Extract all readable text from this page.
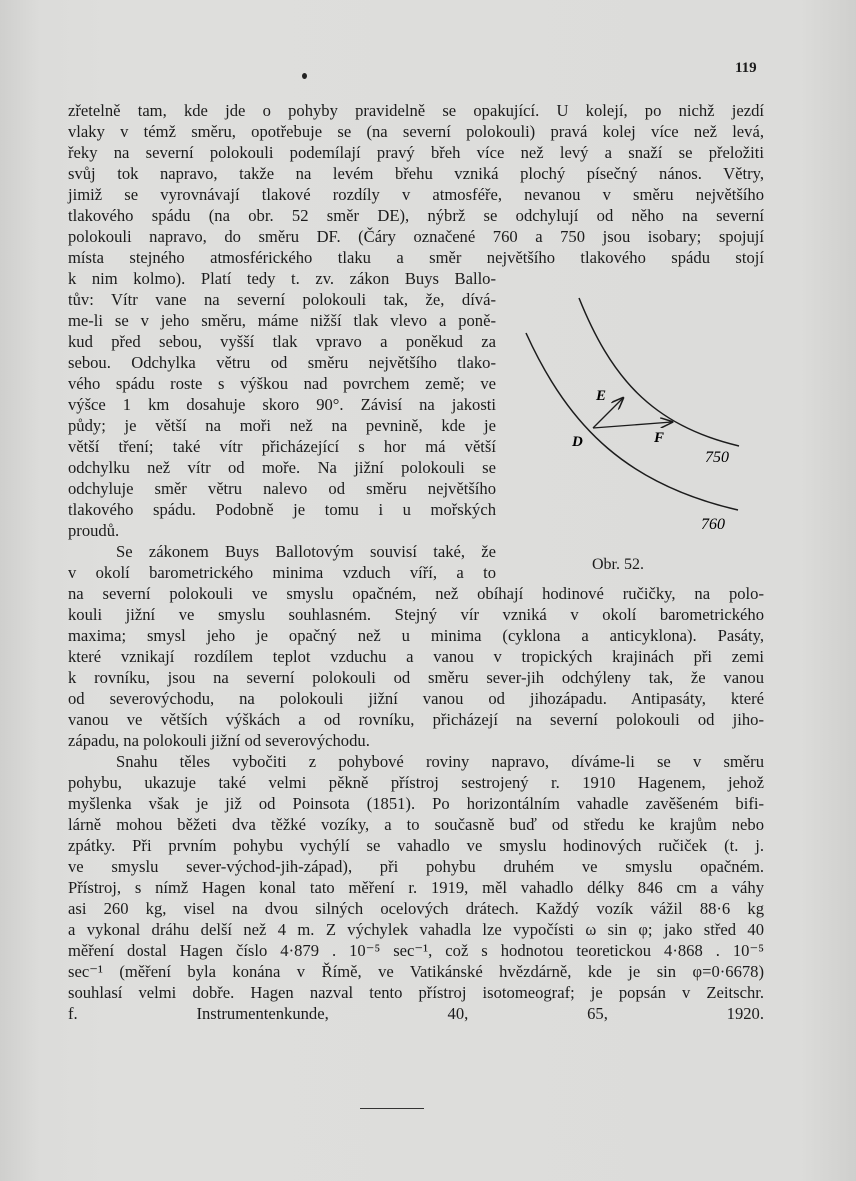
119
zřetelně tam, kde jde o pohyby pravidelně se opakující. U kolejí, po nichž jezdí
vlaky v témž směru, opotřebuje se (na severní polokouli) pravá kolej více než levá,
řeky na severní polokouli podemílají pravý břeh více než levý a snaží se přeložiti
svůj tok napravo, takže na levém břehu vzniká plochý písečný nános. Větry,
jimiž se vyrovnávají tlakové rozdíly v atmosféře, nevanou v směru největšího
tlakového spádu (na obr. 52 směr DE), nýbrž se odchylují od něho na severní
polokouli napravo, do směru DF. (Čáry označené 760 a 750 jsou isobary; spojují
místa stejného atmosférického tlaku a směr největšího tlakového spádu stojí
k nim kolmo). Platí tedy t. zv. zákon Buys Ballo-
tův: Vítr vane na severní polokouli tak, že, dívá-
me-li se v jeho směru, máme nižší tlak vlevo a poně-
kud před sebou, vyšší tlak vpravo a poněkud za
sebou. Odchylka větru od směru největšího tlako-
vého spádu roste s výškou nad povrchem země; ve
výšce 1 km dosahuje skoro 90°. Závisí na jakosti
půdy; je větší na moři než na pevnině, kde je
větší tření; také vítr přicházející s hor má větší
odchylku než vítr od moře. Na jižní polokouli se
odchyluje směr větru nalevo od směru největšího
tlakového spádu. Podobně je tomu i u mořských
proudů.
Se zákonem Buys Ballotovým souvisí také, že
v okolí barometrického minima vzduch víří, a to
na severní polokouli ve smyslu opačném, než obíhají hodinové ručičky, na polo-
kouli jižní ve smyslu souhlasném. Stejný vír vzniká v okolí barometrického
maxima; smysl jeho je opačný než u minima (cyklona a anticyklona). Pasáty,
které vznikají rozdílem teplot vzduchu a vanou v tropických krajinách při zemi
k rovníku, jsou na severní polokouli od směru sever-jih odchýleny tak, že vanou
od severovýchodu, na polokouli jižní vanou od jihozápadu. Antipasáty, které
vanou ve větších výškách a od rovníku, přicházejí na severní polokouli od jiho-
západu, na polokouli jižní od severovýchodu.
Snahu těles vybočiti z pohybové roviny napravo, díváme-li se v směru
pohybu, ukazuje také velmi pěkně přístroj sestrojený r. 1910 Hagenem, jehož
myšlenka však je již od Poinsota (1851). Po horizontálním vahadle zavěšeném bifi-
lárně mohou běžeti dva těžké vozíky, a to současně buď od středu ke krajům nebo
zpátky. Při prvním pohybu vychýlí se vahadlo ve smyslu hodinových ručiček (t. j.
ve smyslu sever-východ-jih-západ), při pohybu druhém ve smyslu opačném.
Přístroj, s nímž Hagen konal tato měření r. 1919, měl vahadlo délky 846 cm a váhy
asi 260 kg, visel na dvou silných ocelových drátech. Každý vozík vážil 88·6 kg
a vykonal dráhu delší než 4 m. Z výchylek vahadla lze vypočísti ω sin φ; jako střed 40
měření dostal Hagen číslo 4·879 . 10⁻⁵ sec⁻¹, což s hodnotou teoretickou 4·868 . 10⁻⁵
sec⁻¹ (měření byla konána v Římě, ve Vatikánské hvězdárně, kde je sin φ=0·6678)
souhlasí velmi dobře. Hagen nazval tento přístroj isotomeograf; je popsán v Zeitschr.
f. Instrumentenkunde, 40, 65, 1920.
E
F
D
750
760
Obr. 52.
